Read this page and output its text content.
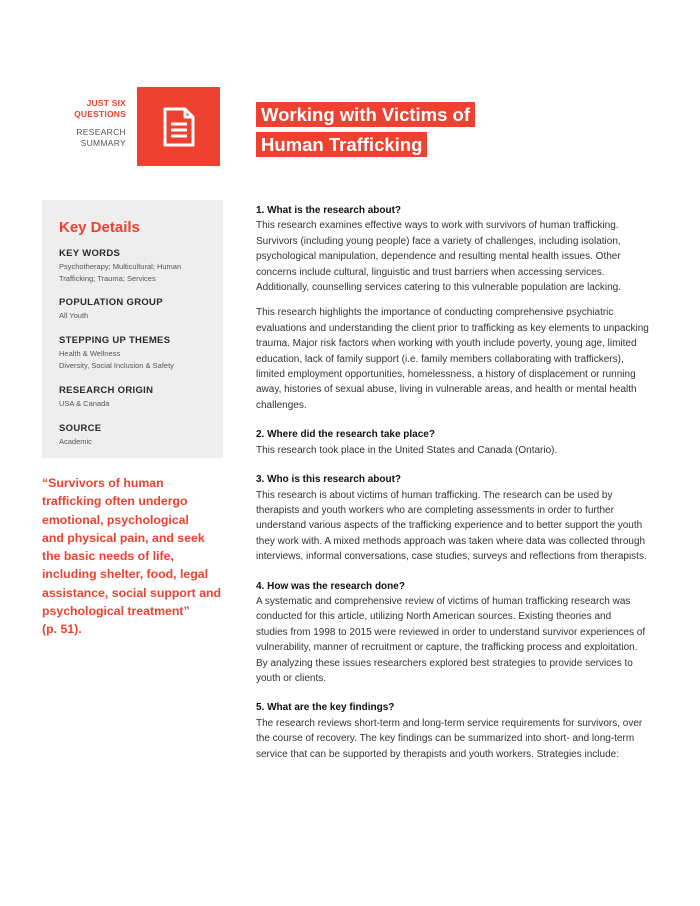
JUST SIX
QUESTIONS
RESEARCH
SUMMARY
Working with Victims of
Human Trafficking
Key Details
KEY WORDS
Psychotherapy; Multicultural; Human
Trafficking; Trauma; Services
POPULATION GROUP
All Youth
STEPPING UP THEMES
Health & Wellness
Diversity, Social Inclusion & Safety
RESEARCH ORIGIN
USA & Canada
SOURCE
Academic
“Survivors of human
trafficking often undergo
emotional, psychological
and physical pain, and seek
the basic needs of life,
including shelter, food, legal
assistance, social support and
psychological treatment”
(p. 51).
1. What is the research about?
This research examines effective ways to work with survivors of human trafficking.
Survivors (including young people) face a variety of challenges, including isolation,
psychological manipulation, dependence and resulting mental health issues. Other
concerns include cultural, linguistic and trust barriers when accessing services.
Additionally, counselling services catering to this vulnerable population are lacking.
This research highlights the importance of conducting comprehensive psychiatric
evaluations and understanding the client prior to trafficking as key elements to unpacking
trauma. Major risk factors when working with youth include poverty, young age, limited
education, lack of family support (i.e. family members collaborating with traffickers),
limited employment opportunities, homelessness, a history of displacement or running
away, histories of sexual abuse, living in vulnerable areas, and health or mental health
challenges.
2. Where did the research take place?
This research took place in the United States and Canada (Ontario).
3. Who is this research about?
This research is about victims of human trafficking. The research can be used by
therapists and youth workers who are completing assessments in order to further
understand various aspects of the trafficking experience and to better support the youth
they work with. A mixed methods approach was taken where data was collected through
interviews, informal conversations, case studies, surveys and reflections from therapists.
4. How was the research done?
A systematic and comprehensive review of victims of human trafficking research was
conducted for this article, utilizing North American sources. Existing theories and
studies from 1998 to 2015 were reviewed in order to understand survivor experiences of
vulnerability, manner of recruitment or capture, the trafficking process and exploitation.
By analyzing these issues researchers explored best strategies to provide services to
youth or clients.
5. What are the key findings?
The research reviews short-term and long-term service requirements for survivors, over
the course of recovery. The key findings can be summarized into short- and long-term
service that can be supported by therapists and youth workers. Strategies include:
